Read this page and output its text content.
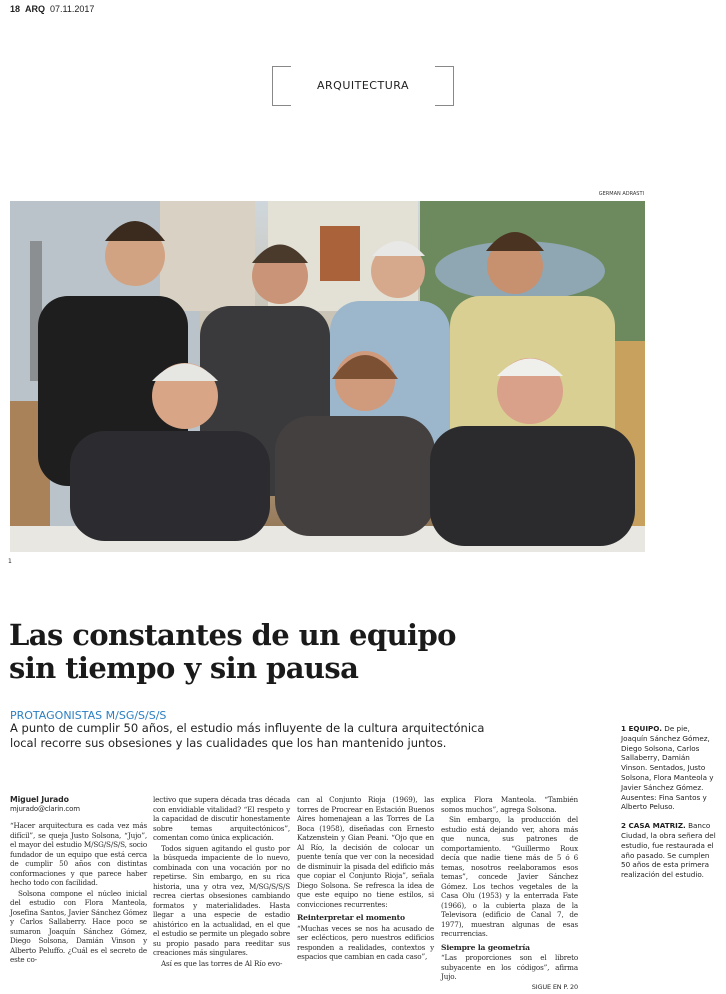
18 ARQ 07.11.2017
ARQUITECTURA
GERMAN ADRASTI
1
Las constantes de un equipo
sin tiempo y sin pausa
PROTAGONISTAS M/SG/S/S/S
A punto de cumplir 50 años, el estudio más influyente de la cultura arquitectónica local recorre sus obsesiones y las cualidades que los han mantenido juntos.

1 EQUIPO. De pie, Joaquín Sánchez Gómez, Diego Solsona, Carlos Sallaberry, Damián Vinson. Sentados, Justo Solsona, Flora Manteola y Javier Sánchez Gómez. Ausentes: Fina Santos y Alberto Peluso.

2 CASA MATRIZ. Banco Ciudad, la obra señera del estudio, fue restaurada el año pasado. Se cumplen 50 años de esta primera realización del estudio.

Miguel Jurado
mjurado@clarin.com

“Hacer arquitectura es cada vez más difícil”, se queja Justo Solsona, “Jujo”, el mayor del estudio M/SG/S/S/S, socio fundador de un equipo que está cerca de cumplir 50 años con distintas conformaciones y que parece haber hecho todo con facilidad.

Solsona compone el núcleo inicial del estudio con Flora Manteola, Josefina Santos, Javier Sánchez Gómez y Carlos Sallaberry. Hace poco se sumaron Joaquín Sánchez Gómez, Diego Solsona, Damián Vinson y Alberto Peluffo. ¿Cuál es el secreto de este co-

lectivo que supera década tras década con envidiable vitalidad? “El respeto y la capacidad de discutir honestamente sobre temas arquitectónicos”, comentan como única explicación.

Todos siguen agitando el gusto por la búsqueda impaciente de lo nuevo, combinada con una vocación por no repetirse. Sin embargo, en su rica historia, una y otra vez, M/SG/S/S/S recrea ciertas obsesiones cambiando formatos y materialidades. Hasta llegar a una especie de estadio ahistórico en la actualidad, en el que el estudio se permite un plegado sobre su propio pasado para reeditar sus creaciones más singulares.

Así es que las torres de Al Río evo-

can al Conjunto Rioja (1969), las torres de Procrear en Estación Buenos Aires homenajean a las Torres de La Boca (1958), diseñadas con Ernesto Katzenstein y Gian Peani. “Ojo que en Al Río, la decisión de colocar un puente tenía que ver con la necesidad de disminuir la pisada del edificio más que copiar el Conjunto Rioja”, señala Diego Solsona. Se refresca la idea de que este equipo no tiene estilos, si convicciones recurrentes:

Reinterpretar el momento

“Muchas veces se nos ha acusado de ser eclécticos, pero nuestros edificios responden a realidades, contextos y espacios que cambian en cada caso”,

explica Flora Manteola. “También somos muchos”, agrega Solsona.

Sin embargo, la producción del estudio está dejando ver, ahora más que nunca, sus patrones de comportamiento. “Guillermo Roux decía que nadie tiene más de 5 ó 6 temas, nosotros reelaboramos esos temas”, concede Javier Sánchez Gómez. Los techos vegetales de la Casa Olu (1953) y la enterrada Fate (1966), o la cubierta plaza de la Televisora (edificio de Canal 7, de 1977), muestran algunas de esas recurrencias.

Siempre la geometría

“Las proporciones son el libreto subyacente en los códigos”, afirma Jujo.

SIGUE EN P. 20
